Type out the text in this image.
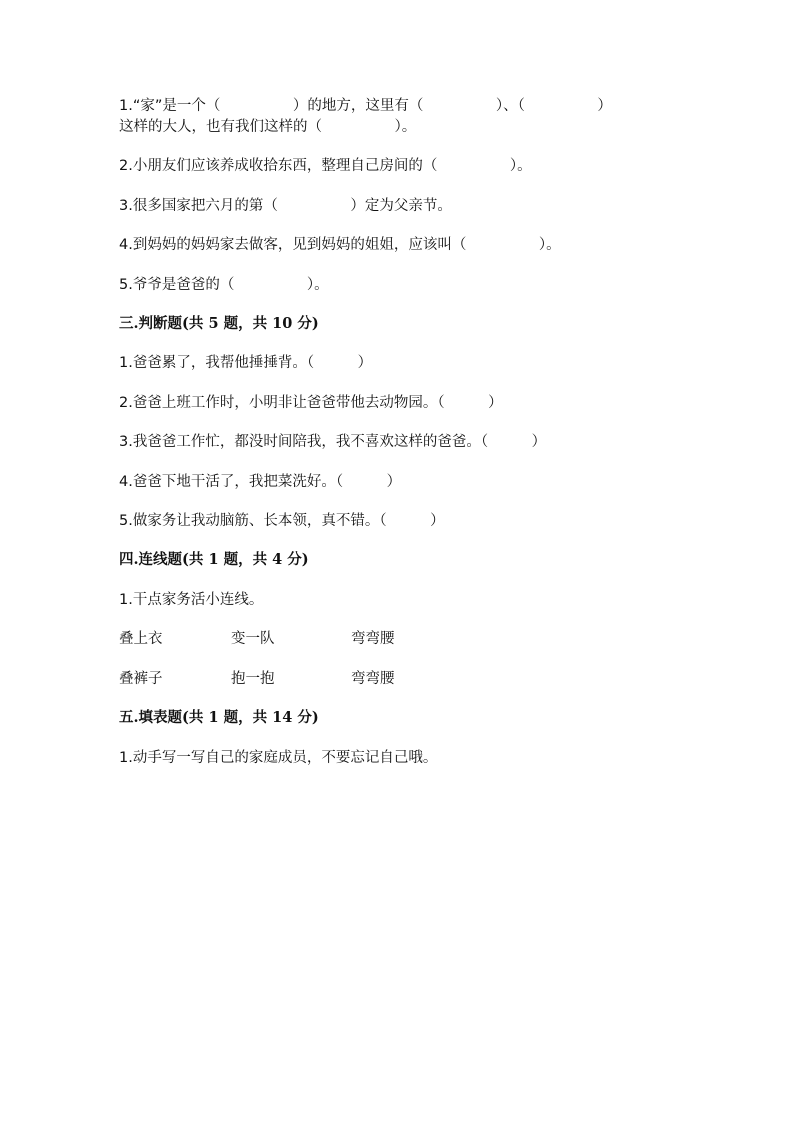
1.“家”是一个（　　　　　）的地方，这里有（　　　　　）、（　　　　　）
这样的大人，也有我们这样的（　　　　　）。
2.小朋友们应该养成收拾东西，整理自己房间的（　　　　　）。
3.很多国家把六月的第（　　　　　）定为父亲节。
4.到妈妈的妈妈家去做客，见到妈妈的姐姐，应该叫（　　　　　）。
5.爷爷是爸爸的（　　　　　）。
三.判断题(共 5 题，共 10 分)
1.爸爸累了，我帮他捶捶背。（　　　）
2.爸爸上班工作时，小明非让爸爸带他去动物园。（　　　）
3.我爸爸工作忙，都没时间陪我，我不喜欢这样的爸爸。（　　　）
4.爸爸下地干活了，我把菜洗好。（　　　）
5.做家务让我动脑筋、长本领，真不错。（　　　）
四.连线题(共 1 题，共 4 分)
1.干点家务活小连线。
叠上衣	变一队	弯弯腰
叠裤子	抱一抱	弯弯腰
五.填表题(共 1 题，共 14 分)
1.动手写一写自己的家庭成员，不要忘记自己哦。
